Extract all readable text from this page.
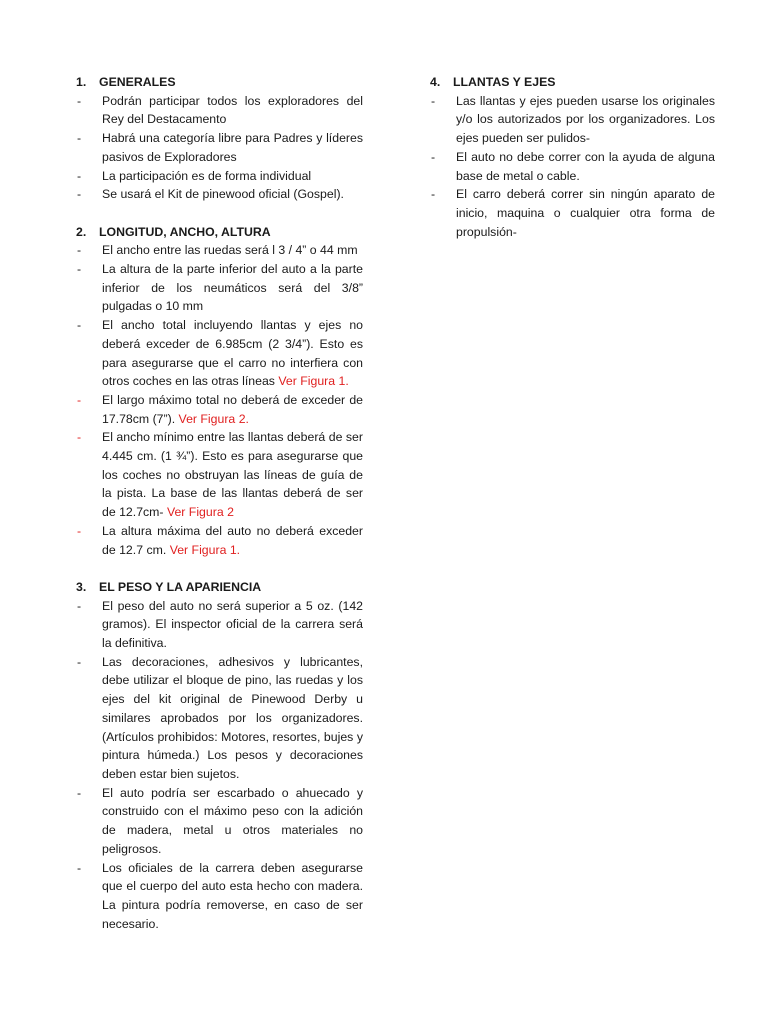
1.	GENERALES
-	Podrán participar todos los exploradores del Rey del Destacamento
-	Habrá una categoría libre para Padres y líderes pasivos de Exploradores
-	La participación es de forma individual
-	Se usará el Kit de pinewood oficial (Gospel).
2.	LONGITUD, ANCHO, ALTURA
-	El ancho entre las ruedas será l 3 / 4” o 44 mm
-	La altura de la parte inferior del auto a la parte inferior de los neumáticos será del 3/8” pulgadas o 10 mm
-	El ancho total incluyendo llantas y ejes no deberá exceder de 6.985cm (2 3/4”). Esto es para asegurarse que el carro no interfiera con otros coches en las otras líneas Ver Figura 1.
-	El largo máximo total no deberá de exceder de 17.78cm (7”). Ver Figura 2.
-	El ancho mínimo entre las llantas deberá de ser 4.445 cm. (1 ¾”). Esto es para asegurarse que los coches no obstruyan las líneas de guía de la pista. La base de las llantas deberá de ser de 12.7cm- Ver Figura 2
-	La altura máxima del auto no deberá exceder de 12.7 cm. Ver Figura 1.
3.	EL PESO Y LA APARIENCIA
-	El peso del auto no será superior a 5 oz. (142 gramos). El inspector oficial de la carrera será la definitiva.
-	Las decoraciones, adhesivos y lubricantes, debe utilizar el bloque de pino, las ruedas y los ejes del kit original de Pinewood Derby u similares aprobados por los organizadores. (Artículos prohibidos: Motores, resortes, bujes y pintura húmeda.) Los pesos y decoraciones deben estar bien sujetos.
-	El auto podría ser escarbado o ahuecado y construido con el máximo peso con la adición de madera, metal u otros materiales no peligrosos.
-	Los oficiales de la carrera deben asegurarse que el cuerpo del auto esta hecho con madera. La pintura podría removerse, en caso de ser necesario.
4.	LLANTAS Y EJES
-	Las llantas y ejes pueden usarse los originales y/o los autorizados por los organizadores. Los ejes pueden ser pulidos-
-	El auto no debe correr con la ayuda de alguna base de metal o cable.
-	El carro deberá correr sin ningún aparato de inicio, maquina o cualquier otra forma de propulsión-
